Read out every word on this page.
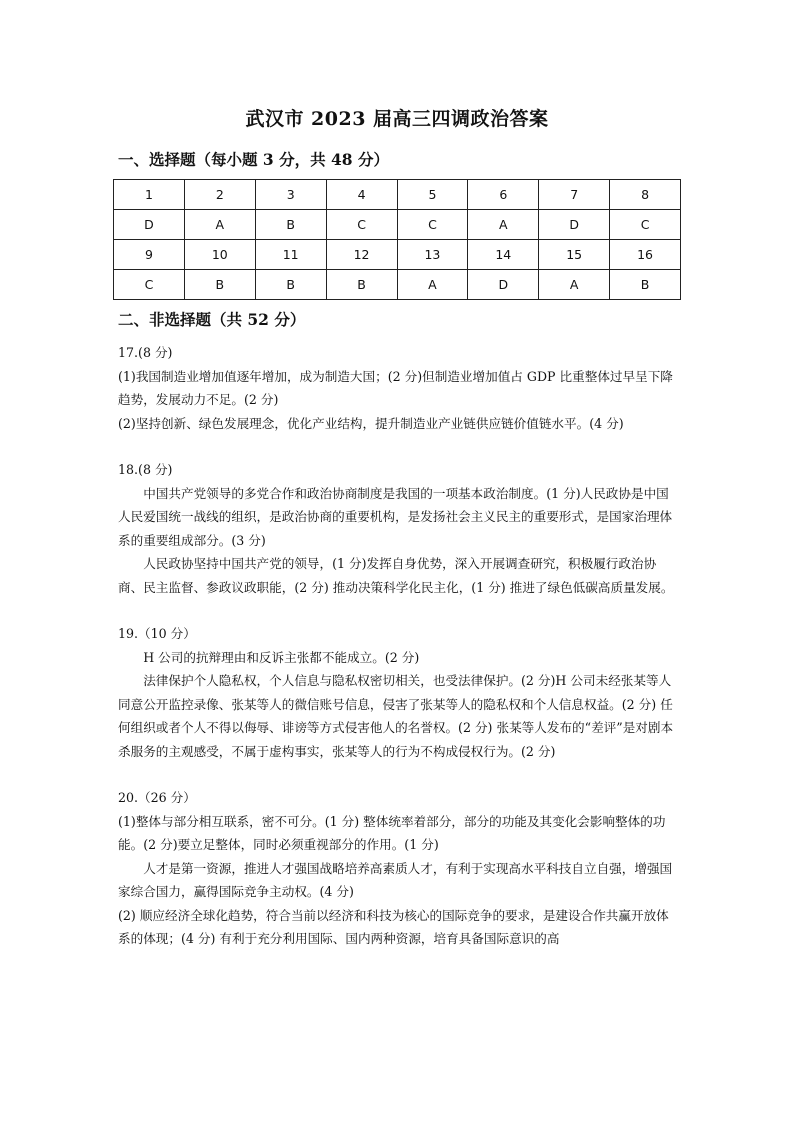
武汉市 2023 届高三四调政治答案
一、选择题（每小题 3 分，共 48 分）
1	2	3	4	5	6	7	8
D	A	B	C	C	A	D	C
9	10	11	12	13	14	15	16
C	B	B	B	A	D	A	B
二、非选择题（共 52 分）

17.(8 分)

(1)我国制造业增加值逐年增加，成为制造大国；(2 分)但制造业增加值占 GDP 比重整体过早呈下降趋势，发展动力不足。(2 分)

(2)坚持创新、绿色发展理念，优化产业结构，提升制造业产业链供应链价值链水平。(4 分)

18.(8 分)

中国共产党领导的多党合作和政治协商制度是我国的一项基本政治制度。(1 分)人民政协是中国人民爱国统一战线的组织，是政治协商的重要机构，是发扬社会主义民主的重要形式，是国家治理体系的重要组成部分。(3 分)

人民政协坚持中国共产党的领导，(1 分)发挥自身优势，深入开展调查研究，积极履行政治协商、民主监督、参政议政职能，(2 分) 推动决策科学化民主化，(1 分) 推进了绿色低碳高质量发展。

19.（10 分）

H 公司的抗辩理由和反诉主张都不能成立。(2 分)

法律保护个人隐私权，个人信息与隐私权密切相关，也受法律保护。(2 分)H 公司未经张某等人同意公开监控录像、张某等人的微信账号信息，侵害了张某等人的隐私权和个人信息权益。(2 分) 任何组织或者个人不得以侮辱、诽谤等方式侵害他人的名誉权。(2 分) 张某等人发布的“差评”是对剧本杀服务的主观感受，不属于虚构事实，张某等人的行为不构成侵权行为。(2 分)

20.（26 分）

(1)整体与部分相互联系，密不可分。(1 分) 整体统率着部分，部分的功能及其变化会影响整体的功能。(2 分)要立足整体，同时必须重视部分的作用。(1 分)

人才是第一资源，推进人才强国战略培养高素质人才，有利于实现高水平科技自立自强，增强国家综合国力，赢得国际竞争主动权。(4 分)

(2) 顺应经济全球化趋势，符合当前以经济和科技为核心的国际竞争的要求，是建设合作共赢开放体系的体现；(4 分) 有利于充分利用国际、国内两种资源，培育具备国际意识的高
